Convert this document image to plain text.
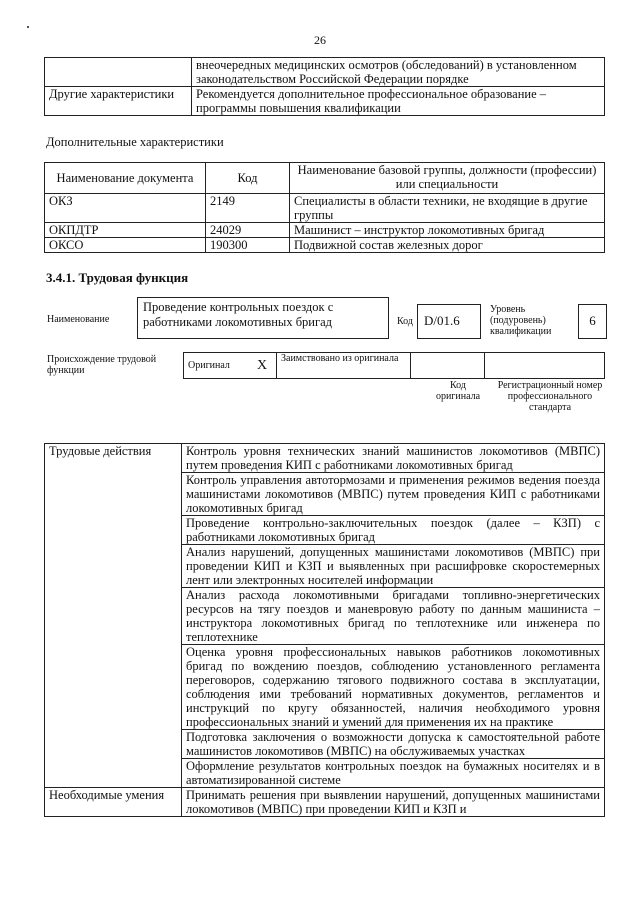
26
	внеочередных медицинских осмотров (обследований) в установленном законодательством Российской Федерации порядке
Другие характеристики	Рекомендуется дополнительное профессиональное образование – программы повышения квалификации
Дополнительные характеристики
Наименование документа	Код	Наименование базовой группы, должности (профессии) или специальности
ОКЗ	2149	Специалисты в области техники, не входящие в другие группы
ОКПДТР	24029	Машинист – инструктор локомотивных бригад
ОКСО	190300	Подвижной состав железных дорог
3.4.1. Трудовая функция
Наименование
Проведение контрольных поездок с работниками локомотивных бригад	Код D/01.6
Уровень (подуровень) квалификации
6
Происхождение трудовой функции	Оригинал	X	Заимствовано из оригинала		
Код оригинала
Регистрационный номер профессионального стандарта
Трудовые действия	Контроль уровня технических знаний машинистов локомотивов (МВПС) путем проведения КИП с работниками локомотивных бригад
	Контроль управления автотормозами и применения режимов ведения поезда машинистами локомотивов (МВПС) путем проведения КИП с работниками локомотивных бригад
	Проведение контрольно-заключительных поездок (далее – КЗП) с работниками локомотивных бригад
	Анализ нарушений, допущенных машинистами локомотивов (МВПС) при проведении КИП и КЗП и выявленных при расшифровке скоростемерных лент или электронных носителей информации
	Анализ расхода локомотивными бригадами топливно-энергетических ресурсов на тягу поездов и маневровую работу по данным машиниста – инструктора локомотивных бригад по теплотехнике или инженера по теплотехнике
	Оценка уровня профессиональных навыков работников локомотивных бригад по вождению поездов, соблюдению установленного регламента переговоров, содержанию тягового подвижного состава в эксплуатации, соблюдения ими требований нормативных документов, регламентов и инструкций по кругу обязанностей, наличия необходимого уровня профессиональных знаний и умений для применения их на практике
	Подготовка заключения о возможности допуска к самостоятельной работе машинистов локомотивов (МВПС) на обслуживаемых участках
	Оформление результатов контрольных поездок на бумажных носителях и в автоматизированной системе
Необходимые умения	Принимать решения при выявлении нарушений, допущенных машинистами локомотивов (МВПС) при проведении КИП и КЗП и
